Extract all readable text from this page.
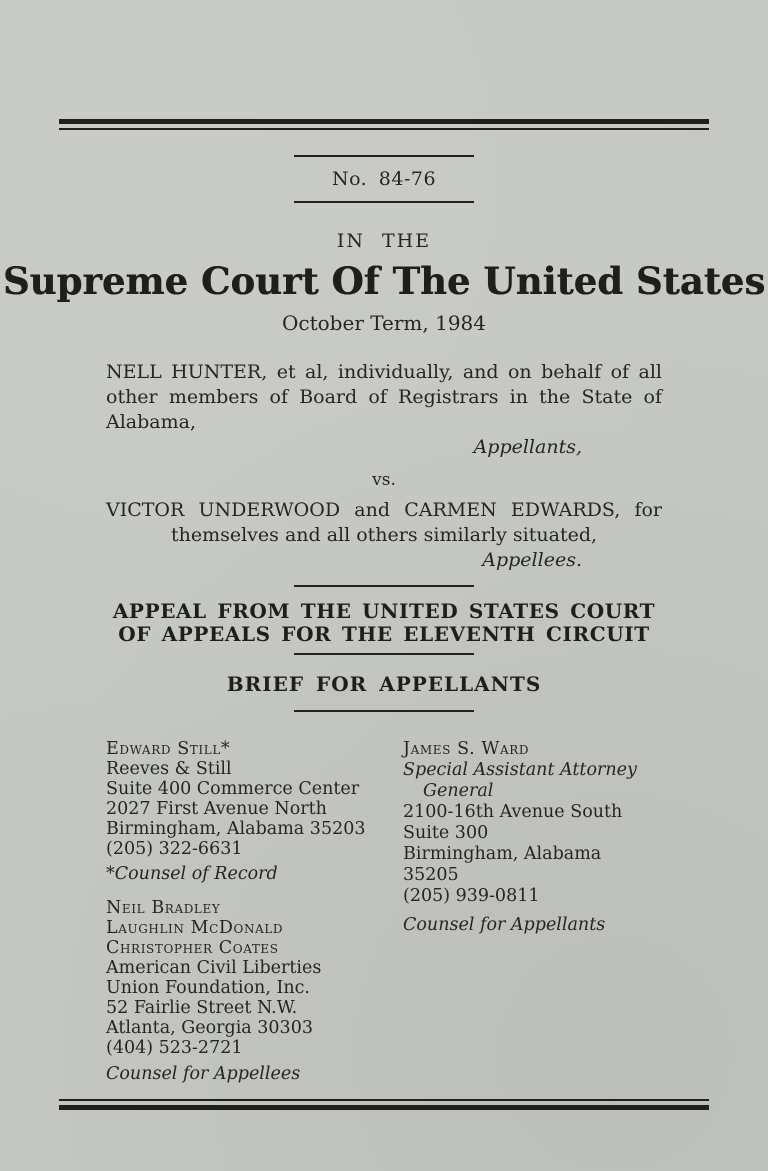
No. 84-76
IN THE
Supreme Court Of The United States
October Term, 1984

NELL HUNTER, et al, individually, and on behalf of all

other members of Board of Registrars in the State of Alabama,

Appellants,

vs.

VICTOR UNDERWOOD and CARMEN EDWARDS, for

themselves and all others similarly situated,

Appellees.

APPEAL FROM THE UNITED STATES COURT
OF APPEALS FOR THE ELEVENTH CIRCUIT
BRIEF FOR APPELLANTS

Edward Still*

Reeves & Still

Suite 400 Commerce Center

2027 First Avenue North

Birmingham, Alabama 35203

(205) 322-6631

*Counsel of Record

Neil Bradley

Laughlin McDonald

Christopher Coates

American Civil Liberties

Union Foundation, Inc.

52 Fairlie Street N.W.

Atlanta, Georgia 30303

(404) 523-2721

Counsel for Appellees

James S. Ward

Special Assistant Attorney

General

2100-16th Avenue South

Suite 300

Birmingham, Alabama 35205

(205) 939-0811

Counsel for Appellants
